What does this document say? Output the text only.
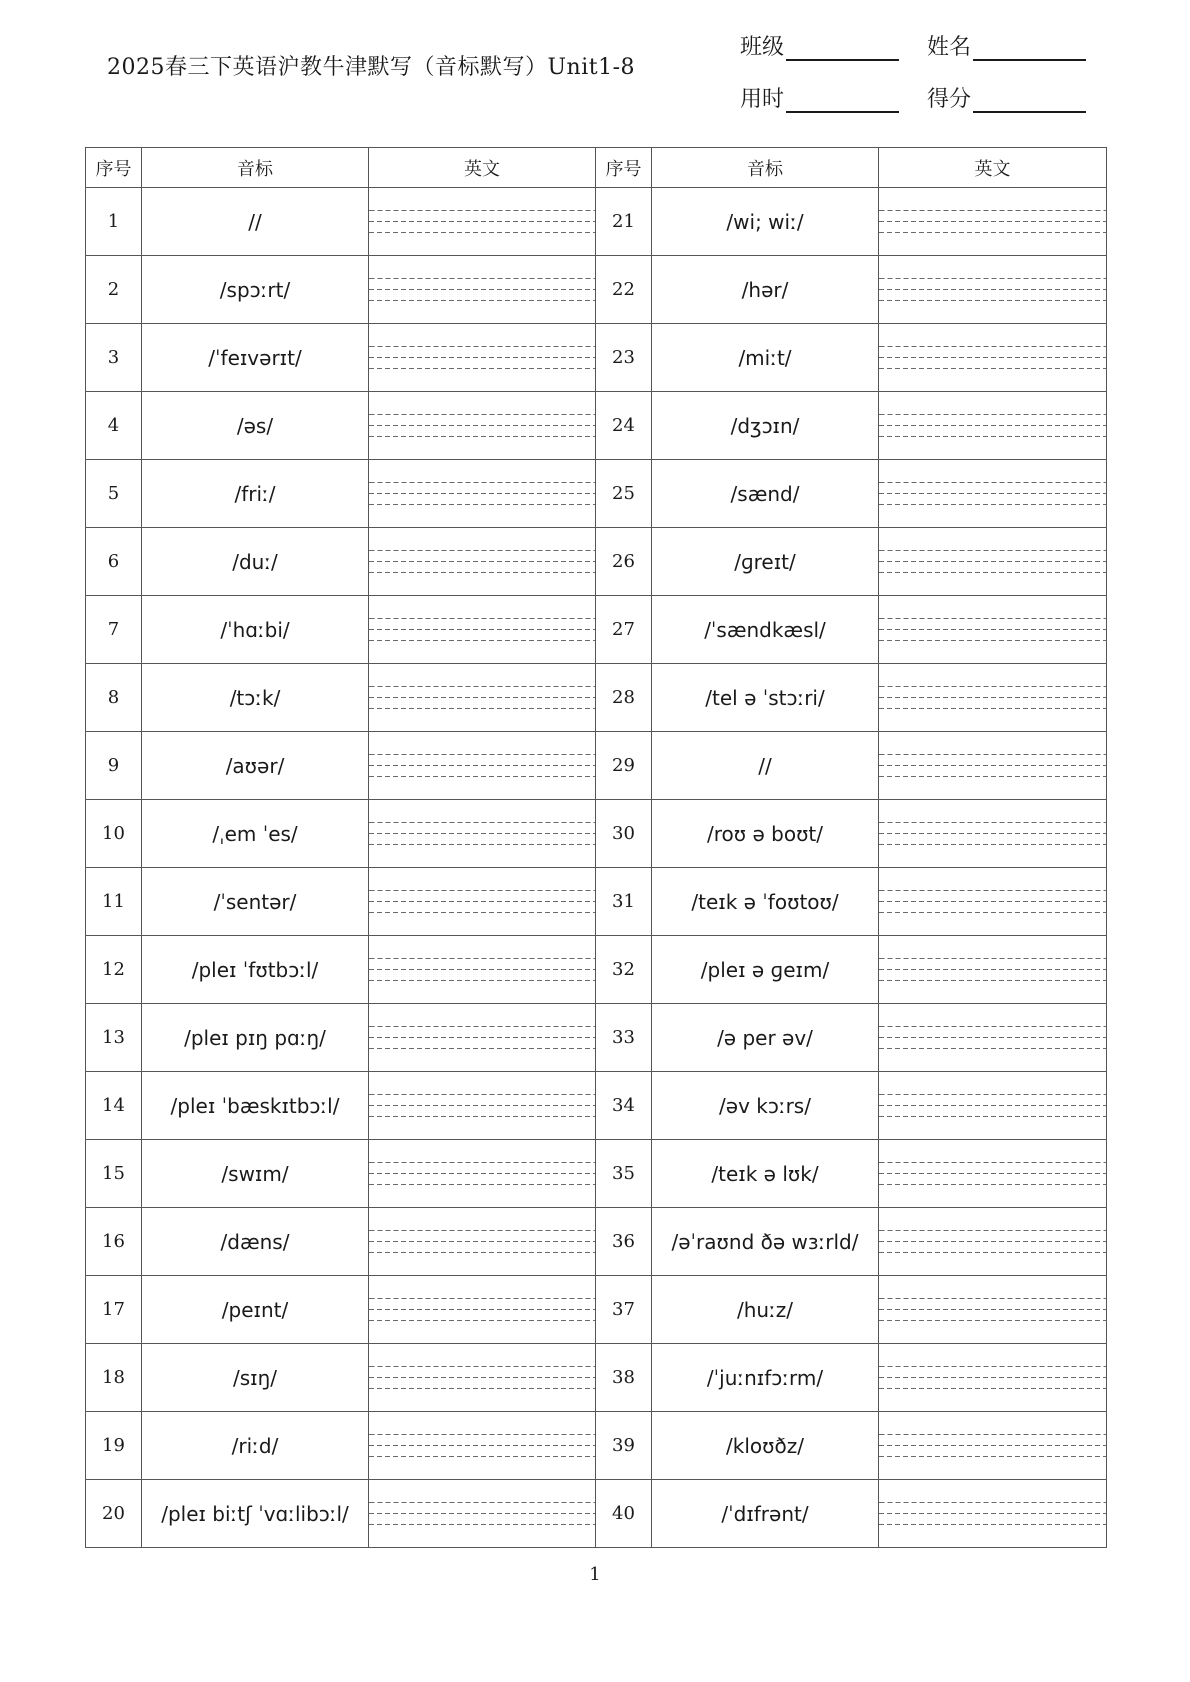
2025春三下英语沪教牛津默写（音标默写）Unit1-8
班级	姓名
用时	得分
序号	音标	英文	序号	音标	英文
1	//		21	/wi; wiː/	

2	/spɔːrt/		22	/hər/	

3	/ˈfeɪvərɪt/		23	/miːt/	

4	/əs/		24	/dʒɔɪn/	

5	/friː/		25	/sænd/	

6	/duː/		26	/ɡreɪt/	

7	/ˈhɑːbi/		27	/ˈsændkæsl/	

8	/tɔːk/		28	/tel ə ˈstɔːri/	

9	/aʊər/		29	//	

10	/ˌem ˈes/		30	/roʊ ə boʊt/	

11	/ˈsentər/		31	/teɪk ə ˈfoʊtoʊ/	

12	/pleɪ ˈfʊtbɔːl/		32	/pleɪ ə ɡeɪm/	

13	/pleɪ pɪŋ pɑːŋ/		33	/ə per əv/	

14	/pleɪ ˈbæskɪtbɔːl/		34	/əv kɔːrs/	

15	/swɪm/		35	/teɪk ə lʊk/	

16	/dæns/		36	/əˈraʊnd ðə wɜːrld/	

17	/peɪnt/		37	/huːz/	

18	/sɪŋ/		38	/ˈjuːnɪfɔːrm/	

19	/riːd/		39	/kloʊðz/	

20	/pleɪ biːtʃ ˈvɑːlibɔːl/		40	/ˈdɪfrənt/	
1
